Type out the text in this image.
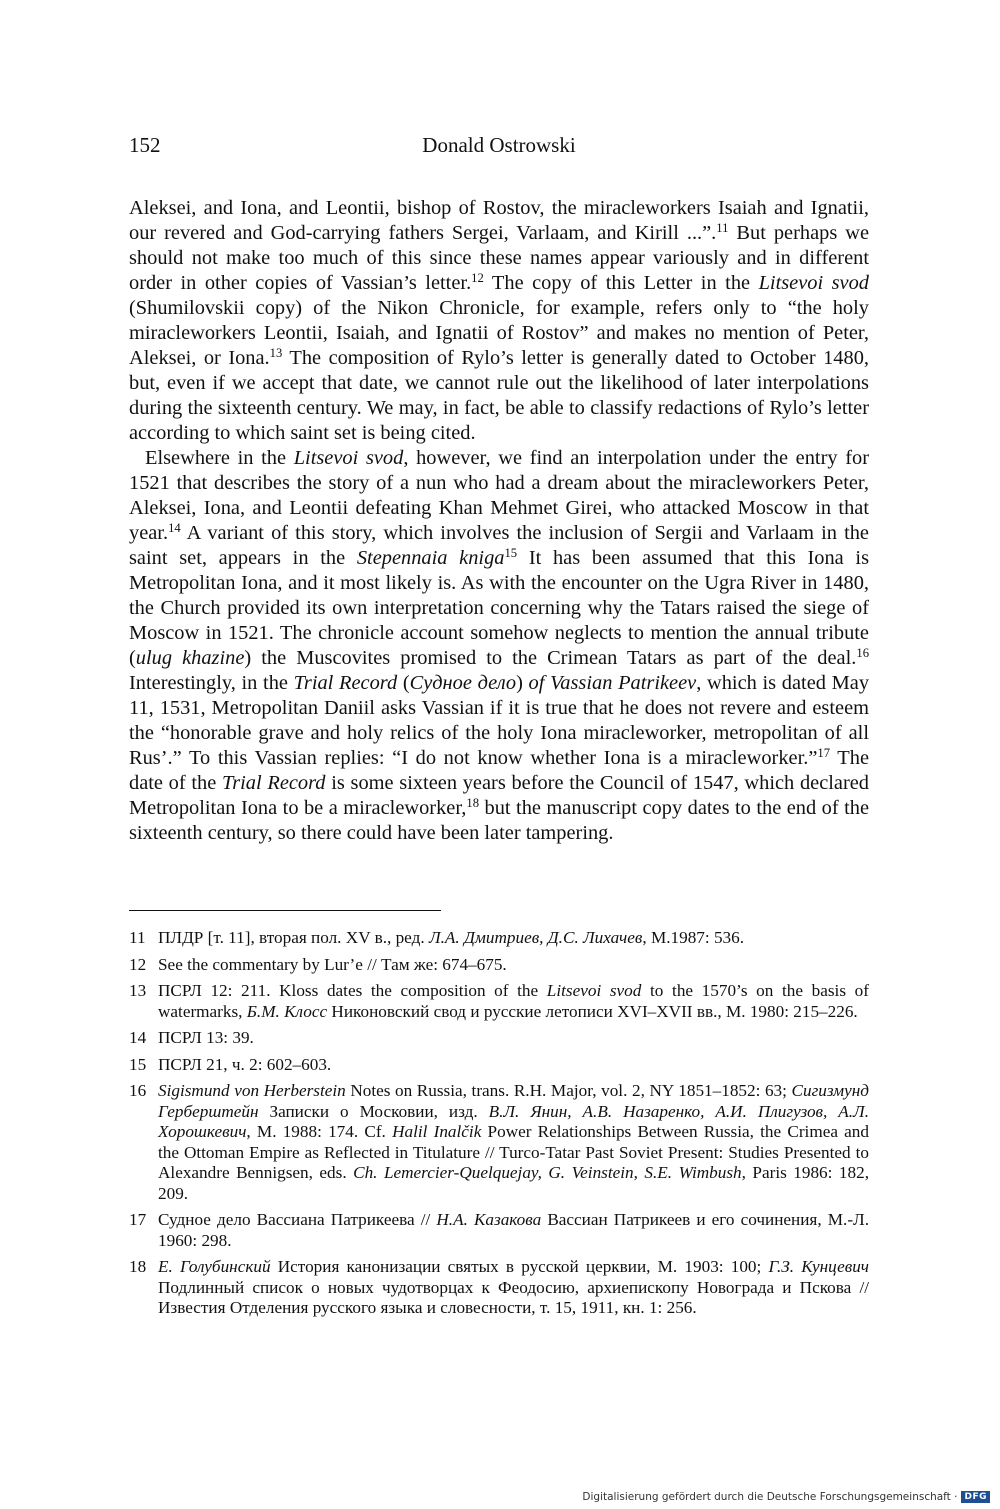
152	Donald Ostrowski

Aleksei, and Iona, and Leontii, bishop of Rostov, the miracleworkers Isaiah and Ignatii, our revered and God-carrying fathers Sergei, Varlaam, and Kirill ...”.$^{11}$ But perhaps we should not make too much of this since these names appear variously and in different order in other copies of Vassian’s letter.$^{12}$ The copy of this Letter in the Litsevoi svod (Shumilovskii copy) of the Nikon Chronicle, for example, refers only to “the holy miracleworkers Leontii, Isaiah, and Ignatii of Rostov” and makes no mention of Peter, Aleksei, or Iona.$^{13}$ The composition of Rylo’s letter is generally dated to October 1480, but, even if we accept that date, we cannot rule out the likelihood of later interpolations during the sixteenth century. We may, in fact, be able to classify redactions of Rylo’s letter according to which saint set is being cited.

Elsewhere in the Litsevoi svod, however, we find an interpolation under the entry for 1521 that describes the story of a nun who had a dream about the miracleworkers Peter, Aleksei, Iona, and Leontii defeating Khan Mehmet Girei, who attacked Moscow in that year.$^{14}$ A variant of this story, which involves the inclusion of Sergii and Varlaam in the saint set, appears in the Stepennaia kniga$^{15}$ It has been assumed that this Iona is Metropolitan Iona, and it most likely is. As with the encounter on the Ugra River in 1480, the Church provided its own interpretation concerning why the Tatars raised the siege of Moscow in 1521. The chronicle account somehow neglects to mention the annual tribute (ulug khazine) the Muscovites promised to the Crimean Tatars as part of the deal.$^{16}$ Interestingly, in the Trial Record (Судное дело) of Vassian Patrikeev, which is dated May 11, 1531, Metropolitan Daniil asks Vassian if it is true that he does not revere and esteem the “honorable grave and holy relics of the holy Iona miracleworker, metropolitan of all Rus’.” To this Vassian replies: “I do not know whether Iona is a miracleworker.”$^{17}$ The date of the Trial Record is some sixteen years before the Council of 1547, which declared Metropolitan Iona to be a miracleworker,$^{18}$ but the manuscript copy dates to the end of the sixteenth century, so there could have been later tampering.

11 ПЛДР [т. 11], вторая пол. XV в., ред. Л.А. Дмитриев, Д.С. Лихачев, M.1987: 536.
12 See the commentary by Lur’e // Там же: 674–675.
13 ПСРЛ 12: 211. Kloss dates the composition of the Litsevoi svod to the 1570’s on the basis of watermarks, Б.М. Клосс Никоновский свод и русские летописи XVI–XVII вв., М. 1980: 215–226.
14 ПСРЛ 13: 39.
15 ПСРЛ 21, ч. 2: 602–603.
16 Sigismund von Herberstein Notes on Russia, trans. R.H. Major, vol. 2, NY 1851–1852: 63; Сигизмунд Герберштейн Записки о Московии, изд. В.Л. Янин, А.В. Назаренко, А.И. Плигузов, А.Л. Хорошкевич, М. 1988: 174. Cf. Halil Inalčik Power Relationships Between Russia, the Crimea and the Ottoman Empire as Reflected in Titulature // Turco-Tatar Past Soviet Present: Studies Presented to Alexandre Bennigsen, eds. Ch. Lemercier-Quelquejay, G. Veinstein, S.E. Wimbush, Paris 1986: 182, 209.
17 Судное дело Вассиана Патрикеева // Н.А. Казакова Вассиан Патрикеев и его сочинения, М.-Л. 1960: 298.
18 Е. Голубинский История канонизации святых в русской церквии, М. 1903: 100; Г.З. Кунцевич Подлинный список о новых чудотворцах к Феодосию, архиепископу Новограда и Пскова // Известия Отделения русского языка и словесности, т. 15, 1911, кн. 1: 256.
Digitalisierung gefördert durch die Deutsche Forschungsgemeinschaft · DFG
